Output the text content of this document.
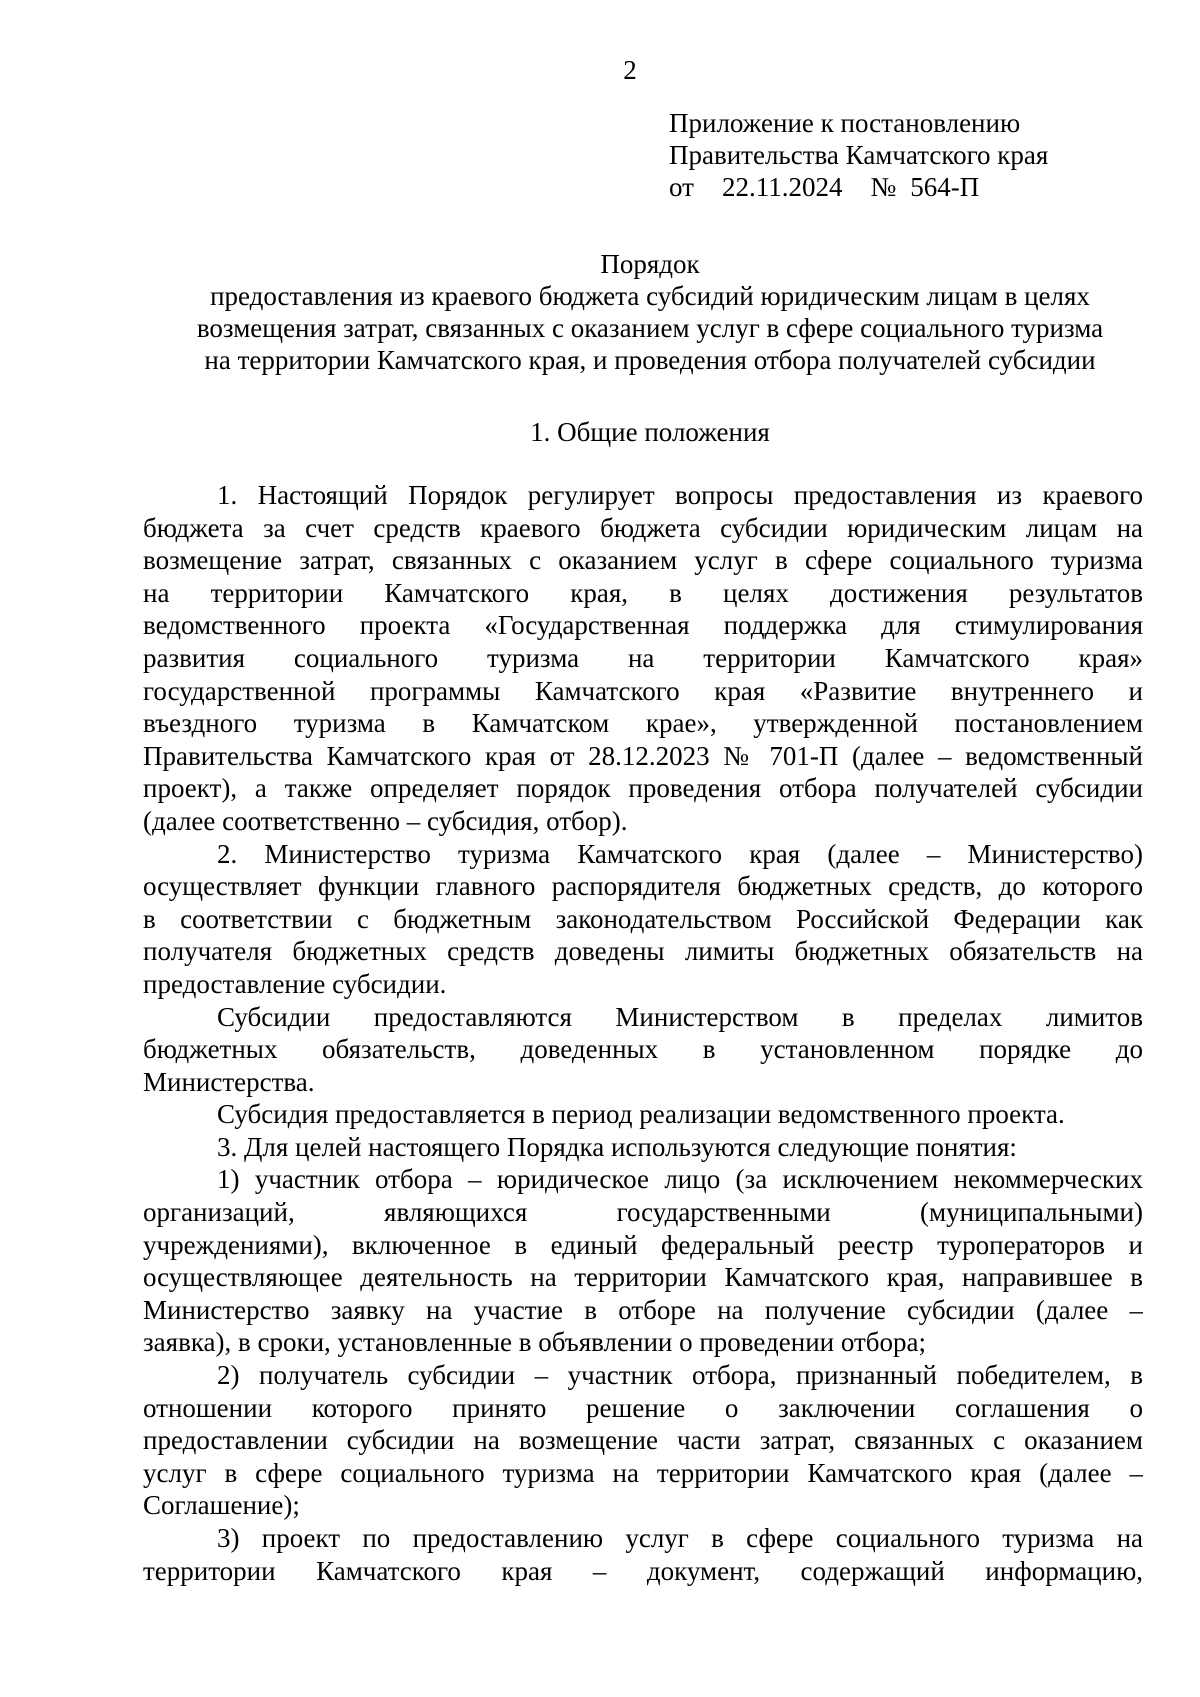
2
Приложение к постановлению
Правительства Камчатского края
от 22.11.2024 № 564-П
Порядок
предоставления из краевого бюджета субсидий юридическим лицам в целях
возмещения затрат, связанных с оказанием услуг в сфере социального туризма
на территории Камчатского края, и проведения отбора получателей субсидии
1. Общие положения
1. Настоящий Порядок регулирует вопросы предоставления из краевого
бюджета за счет средств краевого бюджета субсидии юридическим лицам на
возмещение затрат, связанных с оказанием услуг в сфере социального туризма
на территории Камчатского края, в целях достижения результатов
ведомственного проекта «Государственная поддержка для стимулирования
развития социального туризма на территории Камчатского края»
государственной программы Камчатского края «Развитие внутреннего и
въездного туризма в Камчатском крае», утвержденной постановлением
Правительства Камчатского края от 28.12.2023 № 701-П (далее – ведомственный
проект), а также определяет порядок проведения отбора получателей субсидии
(далее соответственно – субсидия, отбор).
2. Министерство туризма Камчатского края (далее – Министерство)
осуществляет функции главного распорядителя бюджетных средств, до которого
в соответствии с бюджетным законодательством Российской Федерации как
получателя бюджетных средств доведены лимиты бюджетных обязательств на
предоставление субсидии.
Субсидии предоставляются Министерством в пределах лимитов
бюджетных обязательств, доведенных в установленном порядке до
Министерства.
Субсидия предоставляется в период реализации ведомственного проекта.
3. Для целей настоящего Порядка используются следующие понятия:
1) участник отбора – юридическое лицо (за исключением некоммерческих
организаций, являющихся государственными (муниципальными)
учреждениями), включенное в единый федеральный реестр туроператоров и
осуществляющее деятельность на территории Камчатского края, направившее в
Министерство заявку на участие в отборе на получение субсидии (далее –
заявка), в сроки, установленные в объявлении о проведении отбора;
2) получатель субсидии – участник отбора, признанный победителем, в
отношении которого принято решение о заключении соглашения о
предоставлении субсидии на возмещение части затрат, связанных с оказанием
услуг в сфере социального туризма на территории Камчатского края (далее –
Соглашение);
3) проект по предоставлению услуг в сфере социального туризма на
территории Камчатского края – документ, содержащий информацию,
